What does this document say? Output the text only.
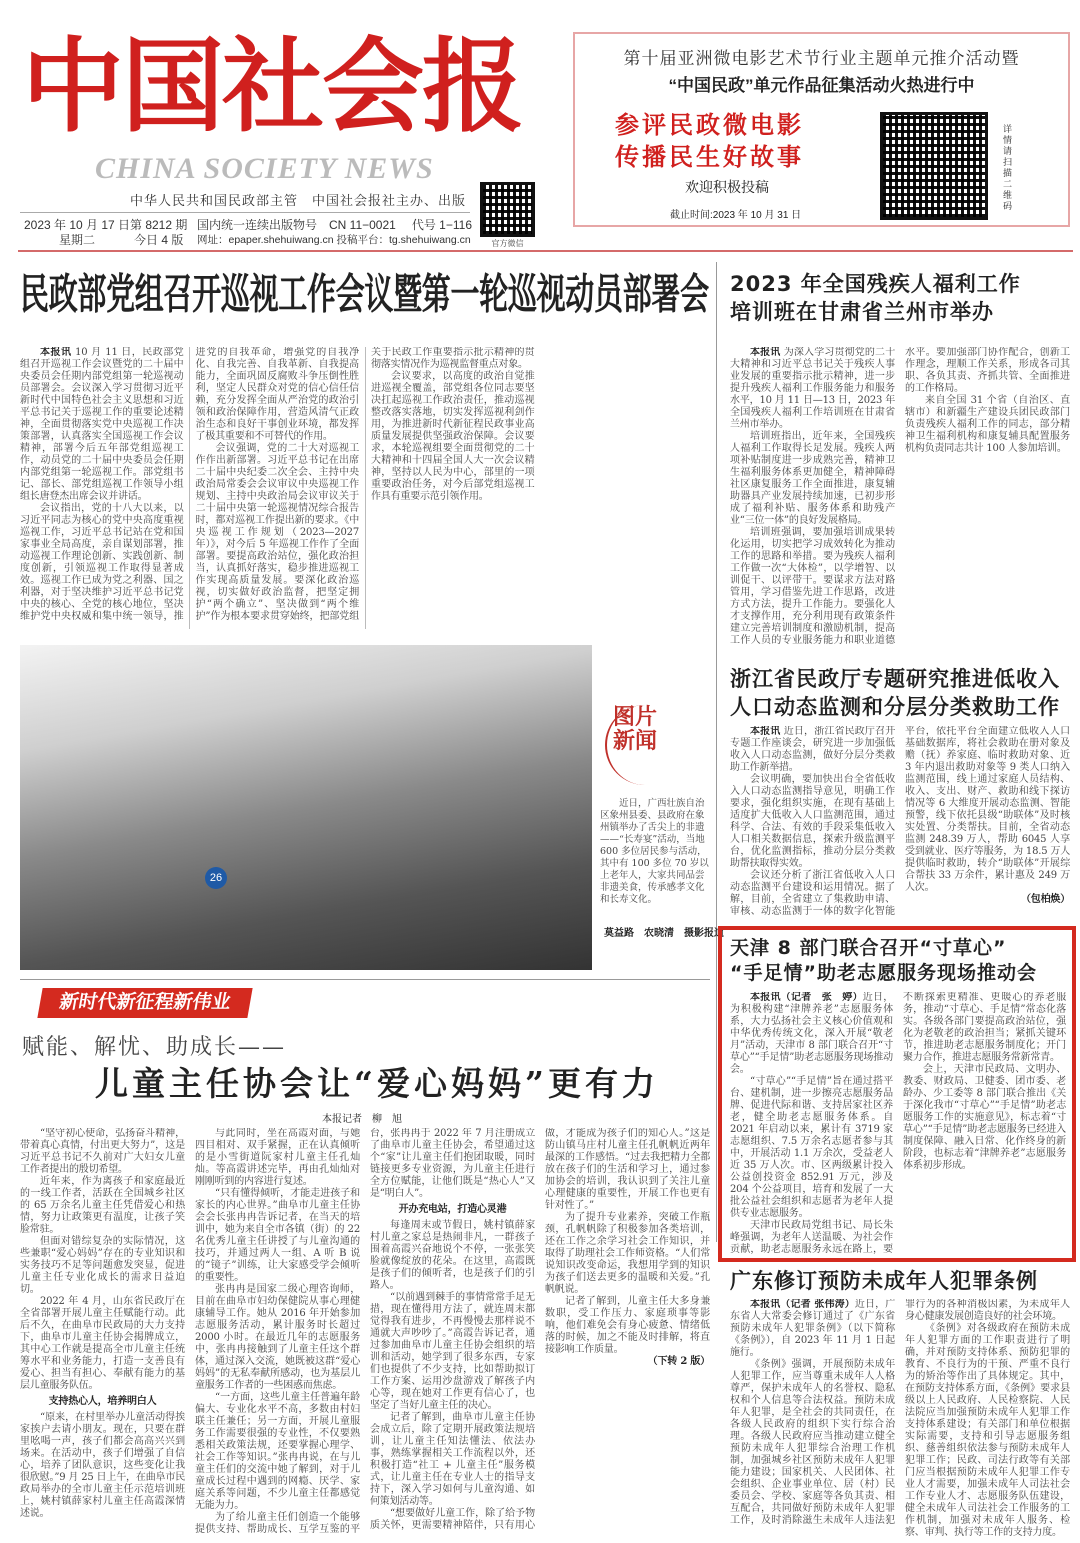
中国社会报
CHINA SOCIETY NEWS
中华人民共和国民政部主管　中国社会报社主办、出版
2023 年 10 月 17 日
星期二
第 8212 期
今日 4 版
国内统一连续出版物号　CN 11−0021 代号 1−116
网址：epaper.shehuiwang.cn 投稿平台：tg.shehuiwang.cn	官方微信
第十届亚洲微电影艺术节行业主题单元推介活动暨
“中国民政”单元作品征集活动火热进行中
参评民政微电影
传播民生好故事
欢迎积极投稿
截止时间:2023 年 10 月 31 日
详情请扫描二维码
民政部党组召开巡视工作会议暨第一轮巡视动员部署会

本报讯 10 月 11 日，民政部党组召开巡视工作会议暨党的二十届中央委员会任期内部党组第一轮巡视动员部署会。会议深入学习贯彻习近平新时代中国特色社会主义思想和习近平总书记关于巡视工作的重要论述精神，全面贯彻落实党中央巡视工作决策部署，认真落实全国巡视工作会议精神，部署今后五年部党组巡视工作，动员党的二十届中央委员会任期内部党组第一轮巡视工作。部党组书记、部长、部党组巡视工作领导小组组长唐登杰出席会议并讲话。

会议指出，党的十八大以来，以习近平同志为核心的党中央高度重视巡视工作，习近平总书记站在党和国家事业全局高度，亲自谋划部署，推动巡视工作理论创新、实践创新、制度创新，引领巡视工作取得显著成效。巡视工作已成为党之利器、国之利器，对于坚决维护习近平总书记党中央的核心、全党的核心地位，坚决维护党中央权威和集中统一领导，推进党的自我革命，增强党的自我净化、自我完善、自我革新、自我提高能力，全面巩固反腐败斗争压倒性胜利，坚定人民群众对党的信心信任信赖，充分发挥全面从严治党的政治引领和政治保障作用，营造风清气正政治生态和良好干事创业环境，都发挥了极其重要和不可替代的作用。

会议强调，党的二十大对巡视工作作出新部署。习近平总书记在出席二十届中央纪委二次全会、主持中央政治局常委会会议审议中央巡视工作规划、主持中央政治局会议审议关于二十届中央第一轮巡视情况综合报告时，都对巡视工作提出新的要求。《中央巡视工作规划（2023—2027 年）》，对今后 5 年巡视工作作了全面部署。要提高政治站位，强化政治担当，认真抓好落实，稳步推进巡视工作实现高质量发展。要深化政治巡视，切实做好政治监督，把坚定拥护“两个确立”、坚决做到“两个维护”作为根本要求贯穿始终，把部党组关于民政工作重要指示批示精神的贯彻落实情况作为巡视监督重点对象。

会议要求，以高度的政治自觉推进巡视全覆盖，部党组各位同志要坚决扛起巡视工作政治责任，推动巡视整改落实落地，切实发挥巡视利剑作用，为推进新时代新征程民政事业高质量发展提供坚强政治保障。会议要求，本轮巡视组要全面贯彻党的二十大精神和十四届全国人大一次会议精神，坚持以人民为中心，部里的一项重要政治任务，对今后部党组巡视工作具有重要示范引领作用。

2023 年全国残疾人福利工作
培训班在甘肃省兰州市举办

本报讯 为深入学习贯彻党的二十大精神和习近平总书记关于残疾人事业发展的重要指示批示精神，进一步提升残疾人福利工作服务能力和服务水平，10 月 11 日—13 日，2023 年全国残疾人福利工作培训班在甘肃省兰州市举办。

培训班指出，近年来，全国残疾人福利工作取得长足发展。残疾人两项补贴制度进一步成熟完善，精神卫生福利服务体系更加健全，精神障碍社区康复服务工作全面推进，康复辅助器具产业发展持续加速，已初步形成了福利补贴、服务体系和助残产业“三位一体”的良好发展格局。

培训班强调，要加强培训成果转化运用，切实把学习成效转化为推动工作的思路和举措。要为残疾人福利工作做一次“大体检”，以学增智、以训促干、以评带干。要谋求方法对路管用，学习借鉴先进工作思路，改进方式方法，提升工作能力。要强化人才支撑作用，充分利用现有政策条件建立完善培训制度和激励机制，提高工作人员的专业服务能力和职业道德水平。要加强部门协作配合，创新工作理念，理顺工作关系，形成各司其职、各负其责、齐抓共管、全面推进的工作格局。

来自全国 31 个省（自治区、直辖市）和新疆生产建设兵团民政部门负责残疾人福利工作的同志，部分精神卫生福利机构和康复辅具配置服务机构负责同志共计 100 人参加培训。

26
图片新闻
近日，广西壮族自治区象州县委、县政府在象州镇举办了舌尖上的非遗——“长寿宴”活动，当地 600 多位居民参与活动，其中有 100 多位 70 岁以上老年人，大家共同品尝非遗美食，传承感孝文化和长寿文化。
莫益路　农晓清　摄影报道
浙江省民政厅专题研究推进低收入
人口动态监测和分层分类救助工作

本报讯 近日，浙江省民政厅召开专题工作座谈会，研究进一步加强低收入人口动态监测，做好分层分类救助工作新举措。

会议明确，要加快出台全省低收入人口动态监测指导意见，明确工作要求，强化组织实施，在现有基础上适度扩大低收入人口监测范围，通过科学、合法、有效的手段采集低收入人口相关数据信息，探索升级监测平台，优化监测指标，推动分层分类救助帮扶取得实效。

会议还分析了浙江省低收入人口动态监测平台建设和运用情况。据了解，目前，全省建立了集救助申请、审核、动态监测于一体的数字化智能平台，依托平台全面建立低收入人口基础数据库，将社会救助在册对象及赡（抚）养家庭、临时救助对象、近 3 年内退出救助对象等 9 类人口纳入监测范围，线上通过家庭人员结构、收入、支出、财产、救助和线下探访情况等 6 大维度开展动态监测、智能预警，线下依托县级“助联体”及时核实处置、分类帮扶。目前，全省动态监测 248.39 万人，帮助 6045 人享受到就业、医疗等服务，为 18.5 万人提供临时救助，转介“助联体”开展综合帮扶 33 万余件，累计惠及 249 万人次。

（包柏焕）

天津 8 部门联合召开“寸草心”
“手足情”助老志愿服务现场推动会

本报讯（记者　张　婷）近日，为积极构建“津牌养老”志愿服务体系，大力弘扬社会主义核心价值观和中华优秀传统文化，深入开展“敬老月”活动，天津市 8 部门联合召开“寸草心”“手足情”助老志愿服务现场推动会。

“寸草心”“手足情”旨在通过搭平台、建机制，进一步擦亮志愿服务品牌、促进代际和谐、支持居家社区养老，健全助老志愿服务体系。自 2021 年启动以来，累计有 3719 家志愿组织、7.5 万余名志愿者参与其中，开展活动 1.1 万余次，受益老人近 35 万人次。市、区两级累计投入公益创投资金 852.91 万元，涉及 204 个公益项目，培育和发展了一大批公益社会组织和志愿者为老年人提供专业志愿服务。

天津市民政局党组书记、局长朱峰强调，为老年人送温暖、为社会作贡献，助老志愿服务永远在路上，要不断探索更精准、更暖心的养老服务，推动“寸草心、手足情”常态化落实。各级各部门要提高政治站位，强化为老敬老的政治担当；紧抓关键环节，推进助老志愿服务制度化；开门聚力合作，推进志愿服务常新常青。

会上，天津市民政局、文明办、教委、财政局、卫健委、团市委、老龄办、少工委等 8 部门联合推出《关于深化我市“寸草心”“手足情”助老志愿服务工作的实施意见》，标志着“寸草心”“手足情”助老志愿服务已经进入制度保障、融入日常、化作终身的新阶段，也标志着“津牌养老”志愿服务体系初步形成。

广东修订预防未成年人犯罪条例

本报讯（记者 张伟涛）近日，广东省人大常委会修订通过了《广东省预防未成年人犯罪条例》（以下简称《条例》），自 2023 年 11 月 1 日起施行。

《条例》强调，开展预防未成年人犯罪工作，应当尊重未成年人人格尊严，保护未成年人的名誉权、隐私权和个人信息等合法权益。预防未成年人犯罪，是全社会的共同责任，在各级人民政府的组织下实行综合治理。各级人民政府应当推动建立健全预防未成年人犯罪综合治理工作机制，加强城乡社区预防未成年人犯罪能力建设；国家机关、人民团体、社会组织、企业事业单位、居（村）民委员会、学校、家庭等各负其责、相互配合，共同做好预防未成年人犯罪工作，及时消除滋生未成年人违法犯罪行为的各种消极因素，为未成年人身心健康发展创造良好的社会环境。

《条例》对各级政府在预防未成年人犯罪方面的工作职责进行了明确，并对预防支持体系、预防犯罪的教育、不良行为的干预、严重不良行为的矫治等作出了具体规定。其中，在预防支持体系方面，《条例》要求县级以上人民政府、人民检察院、人民法院应当加强预防未成年人犯罪工作支持体系建设；有关部门和单位根据实际需要，支持和引导志愿服务组织、慈善组织依法参与预防未成年人犯罪工作；民政、司法行政等有关部门应当根据预防未成年人犯罪工作专业人才需要，加强未成年人司法社会工作专业人才、志愿服务队伍建设，健全未成年人司法社会工作服务的工作机制，加强对未成年人服务、检察、审判、执行等工作的支持力度。

新时代新征程新伟业
赋能、解忧、助成长——
儿童主任协会让“爱心妈妈”更有力
本报记者　柳　旭

“坚守初心使命，弘扬奋斗精神，带着真心真情，付出更大努力”，这是习近平总书记不久前对广大妇女儿童工作者提出的殷切希望。

近年来，作为离孩子和家庭最近的一线工作者，活跃在全国城乡社区的 65 万余名儿童主任凭借爱心和热情，努力让政策更有温度，让孩子笑脸常驻。

但面对错综复杂的实际情况，这些兼职“爱心妈妈”存在的专业知识和实务技巧不足等问题愈发突显，促进儿童主任专业化成长的需求日益迫切。

2022 年 4 月，山东省民政厅在全省部署开展儿童主任赋能行动。此后不久，在曲阜市民政局的大力支持下，曲阜市儿童主任协会揭牌成立，其中心工作就是提高全市儿童主任统筹水平和业务能力，打造一支善良有爱心、担当有担心、奉献有能力的基层儿童服务队伍。

支持热心人，培养明白人

“原来，在村里举办儿童活动得挨家挨户去请小朋友。现在，只要在群里吆喝一声，孩子们都会高高兴兴到场来。在活动中，孩子们增强了自信心，培养了团队意识，这些变化让我很欣慰。”9 月 25 日上午，在曲阜市民政局举办的全市儿童主任示范培训班上，姚村镇薛家村儿童主任高霞深情述说。

与此同时，坐在高霞对面，与她四目相对、双手紧握，正在认真倾听的是小雪街道阮家村儿童主任孔灿灿。等高霞讲述完毕，再由孔灿灿对刚刚听到的内容进行复述。

“只有懂得倾听，才能走进孩子和家长的内心世界。”曲阜市儿童主任协会会长张冉冉告诉记者，在当天的培训中，她为来自全市各镇（街）的 22 名优秀儿童主任讲授了与儿童沟通的技巧，并通过两人一组、A 听 B 说的“镜子”训练，让大家感受学会倾听的重要性。

张冉冉是国家二级心理咨询师，目前在曲阜市妇幼保健院从事心理健康辅导工作。她从 2016 年开始参加志愿服务活动，累计服务时长超过 2000 小时。在最近几年的志愿服务中，张冉冉接触到了儿童主任这个群体，通过深入交流，她既被这群“爱心妈妈”的无私奉献所感动，也为基层儿童服务工作者的一些困惑而焦虑。

“一方面，这些儿童主任普遍年龄偏大、专业化水平不高，多数由村妇联主任兼任；另一方面，开展儿童服务工作需要很强的专业性，不仅要熟悉相关政策法规，还要掌握心理学、社会工作等知识。”张冉冉说，在与儿童主任们的交流中她了解到，对于儿童成长过程中遇到的网瘾、厌学、家庭关系等问题，不少儿童主任都感觉无能为力。

为了给儿童主任们创造一个能够提供支持、帮助成长、互学互鉴的平台，张冉冉于 2022 年 7 月注册成立了曲阜市儿童主任协会，希望通过这个“家”让儿童主任们抱团取暖，同时链接更多专业资源，为儿童主任进行全方位赋能，让他们既是“热心人”又是“明白人”。

开办充电站，打造心灵港

每逢周末或节假日，姚村镇薛家村儿童之家总是热闹非凡，一群孩子围着高霞兴奋地说个不停，一张张笑脸就像绽放的花朵。在这里，高霞既是孩子们的倾听者，也是孩子们的引路人。

“以前遇到棘手的事情常常手足无措，现在懂得用方法了，就连周末都觉得我有进步，不再慢慢去那样说不通就大声吵吵了。”高霞告诉记者，通过参加曲阜市儿童主任协会组织的培训和活动，她学到了很多东西，专家们也提供了不少支持，比如帮助拟订工作方案、运用沙盘游戏了解孩子内心等，现在她对工作更有信心了，也坚定了当好儿童主任的决心。

记者了解到，曲阜市儿童主任协会成立后，除了定期开展政策法规培训，让儿童主任知法懂法、依法办事，熟练掌握相关工作流程以外，还积极打造“社工 + 儿童主任”服务模式，让儿童主任在专业人士的指导支持下，深入学习如何与儿童沟通、如何策划活动等。

“想要做好儿童工作，除了给予物质关怀，更需要精神陪伴，只有用心做，才能成为孩子们的知心人。”这是防山镇马庄村儿童主任孔帆帆近两年最深的工作感悟。“过去我把精力全都放在孩子们的生活和学习上，通过参加协会的培训，我认识到了关注儿童心理健康的重要性，开展工作也更有针对性了。”

为了提升专业素养，突破工作瓶颈，孔帆帆除了积极参加各类培训，还在工作之余学习社会工作知识，并取得了助理社会工作师资格。“人们常说知识改变命运，我想用学到的知识为孩子们送去更多的温暖和关爱。”孔帆帆说。

记者了解到，儿童主任大多身兼数职，受工作压力、家庭琐事等影响，他们难免会有身心疲惫、情绪低落的时候，加之不能及时排解，将直接影响工作质量。

（下转 2 版）
